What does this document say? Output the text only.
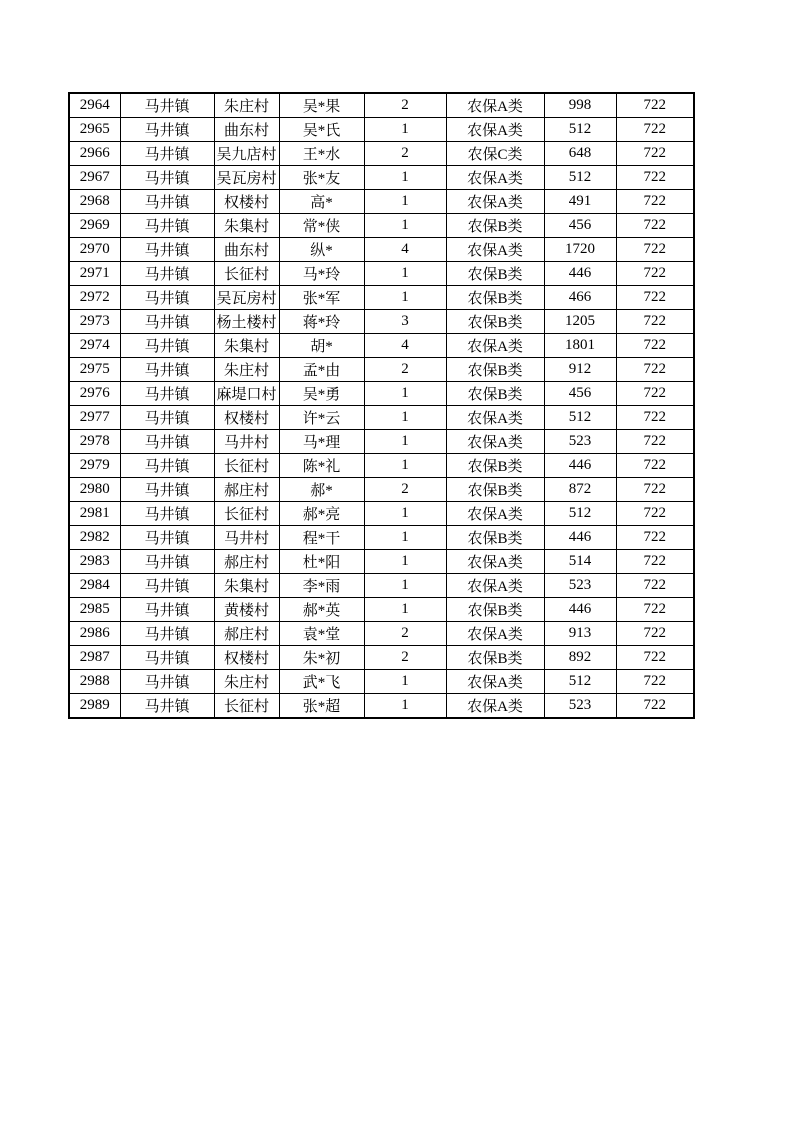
2964	马井镇	朱庄村	吴*果	2	农保A类	998	722
2965	马井镇	曲东村	吴*氏	1	农保A类	512	722
2966	马井镇	吴九店村	王*水	2	农保C类	648	722
2967	马井镇	吴瓦房村	张*友	1	农保A类	512	722
2968	马井镇	权楼村	高*	1	农保A类	491	722
2969	马井镇	朱集村	常*侠	1	农保B类	456	722
2970	马井镇	曲东村	纵*	4	农保A类	1720	722
2971	马井镇	长征村	马*玲	1	农保B类	446	722
2972	马井镇	吴瓦房村	张*军	1	农保B类	466	722
2973	马井镇	杨土楼村	蒋*玲	3	农保B类	1205	722
2974	马井镇	朱集村	胡*	4	农保A类	1801	722
2975	马井镇	朱庄村	孟*由	2	农保B类	912	722
2976	马井镇	麻堤口村	吴*勇	1	农保B类	456	722
2977	马井镇	权楼村	许*云	1	农保A类	512	722
2978	马井镇	马井村	马*理	1	农保A类	523	722
2979	马井镇	长征村	陈*礼	1	农保B类	446	722
2980	马井镇	郝庄村	郝*	2	农保B类	872	722
2981	马井镇	长征村	郝*亮	1	农保A类	512	722
2982	马井镇	马井村	程*干	1	农保B类	446	722
2983	马井镇	郝庄村	杜*阳	1	农保A类	514	722
2984	马井镇	朱集村	李*雨	1	农保A类	523	722
2985	马井镇	黄楼村	郝*英	1	农保B类	446	722
2986	马井镇	郝庄村	袁*堂	2	农保A类	913	722
2987	马井镇	权楼村	朱*初	2	农保B类	892	722
2988	马井镇	朱庄村	武*飞	1	农保A类	512	722
2989	马井镇	长征村	张*超	1	农保A类	523	722
